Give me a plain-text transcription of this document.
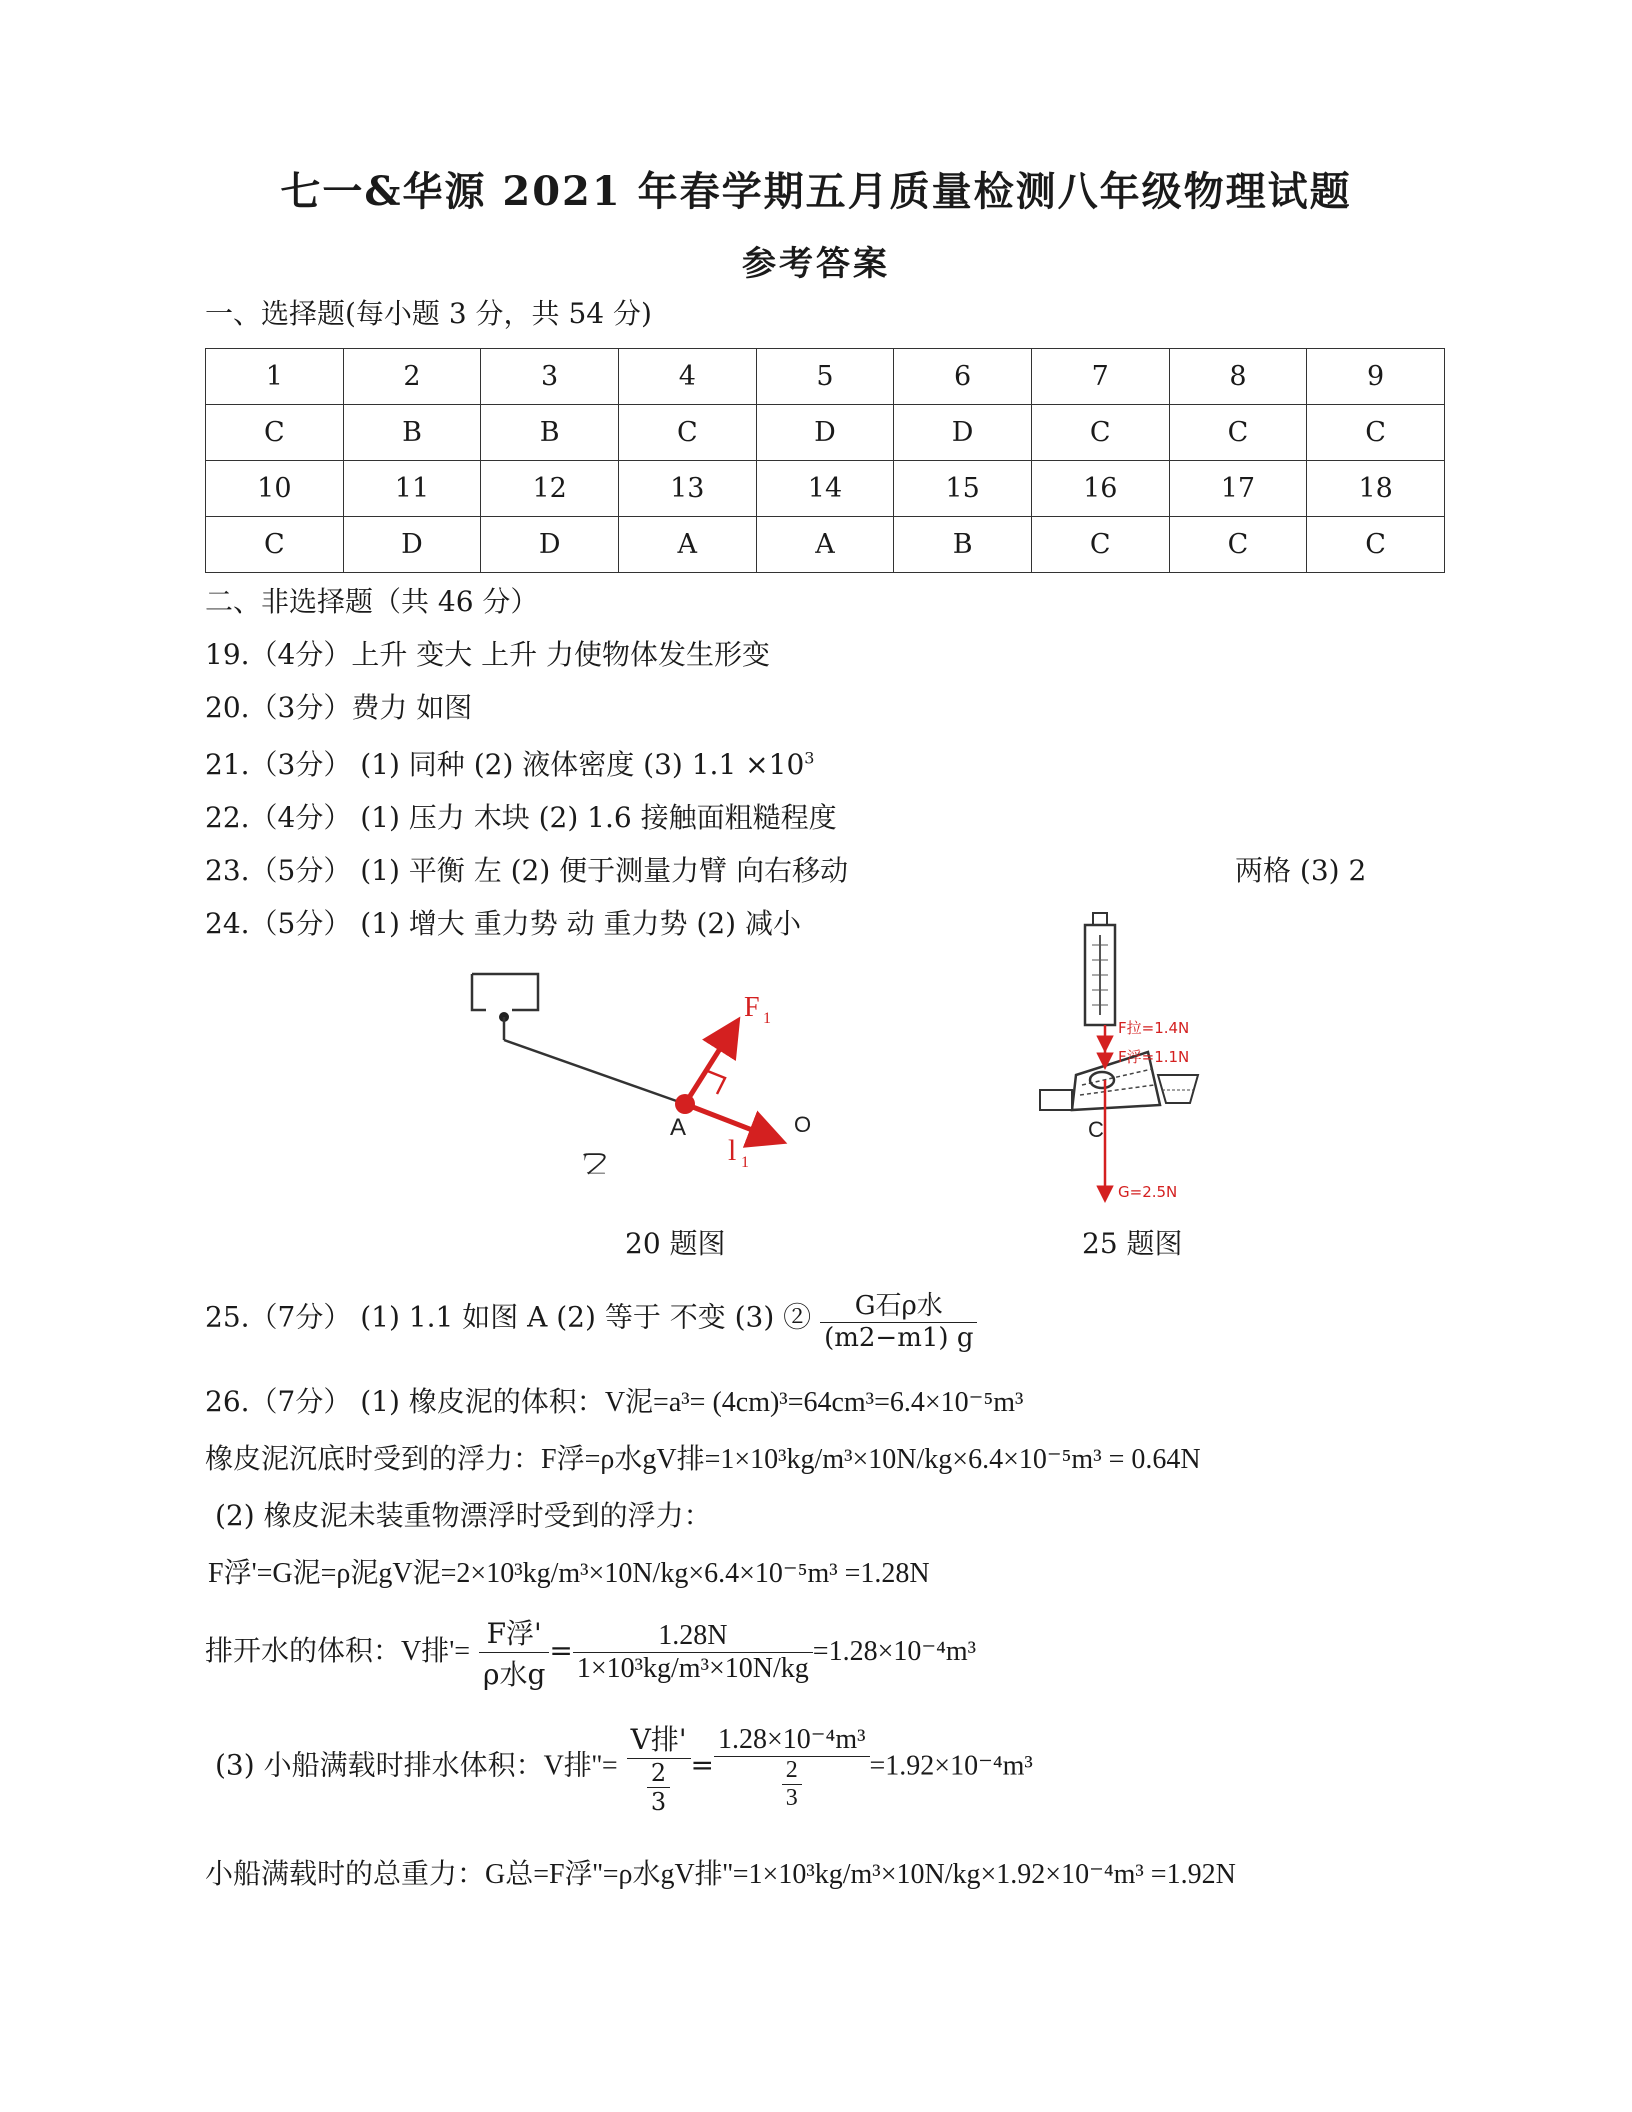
七一&华源 2021 年春学期五月质量检测八年级物理试题
参考答案
一、选择题(每小题 3 分，共 54 分)
1	2	3	4	5	6	7	8	9
C	B	B	C	D	D	C	C	C
10	11	12	13	14	15	16	17	18
C	D	D	A	A	B	C	C	C
二、非选择题（共 46 分）
19.（4分）上升 变大 上升 力使物体发生形变
20.（3分）费力 如图
21.（3分） (1) 同种 (2) 液体密度 (3) $1.1 \times 10^3$
22.（4分） (1) 压力 木块 (2) 1.6 接触面粗糙程度
23.（5分） (1) 平衡 左 (2) 便于测量力臂 向右移动	两格 (3) 2
24.（5分） (1) 增大 重力势 动 重力势 (2) 减小
F 1
A	O
l 1
乙
20 题图
F拉=1.4N
F浮=1.1N
G=2.5N
C
25 题图
25.（7分） (1) 1.1 如图 A (2) 等于 不变 (3) ② $\frac{\text{G石ρ水}}{(m2-m1) g}$
26.（7分） (1) 橡皮泥的体积：V泥=a³= (4cm)³=64cm³=6.4×10⁻⁵m³
橡皮泥沉底时受到的浮力：F浮=ρ水gV排=1×10³kg/m³×10N/kg×6.4×10⁻⁵m³ = 0.64N
(2) 橡皮泥未装重物漂浮时受到的浮力：
F浮'=G泥=ρ泥gV泥=2×10³kg/m³×10N/kg×6.4×10⁻⁵m³ =1.28N
排开水的体积：V排'= $\frac{\text{F浮'}}{\text{ρ水g}} = \frac{1.28N}{\text{1×10³kg/m³×10N/kg}} =1.28\times 10^{-4}m^3$
(3) 小船满载时排水体积：V排''= $\frac{\text{V排'}}{\frac{2}{3}} = \frac{\text{1.28×10⁻⁴m³}}{\frac{2}{3}} =1.92\times 10^{-4}m^3$
小船满载时的总重力：G总=F浮''=ρ水gV排''=1×10³kg/m³×10N/kg×1.92×10⁻⁴m³ =1.92N
